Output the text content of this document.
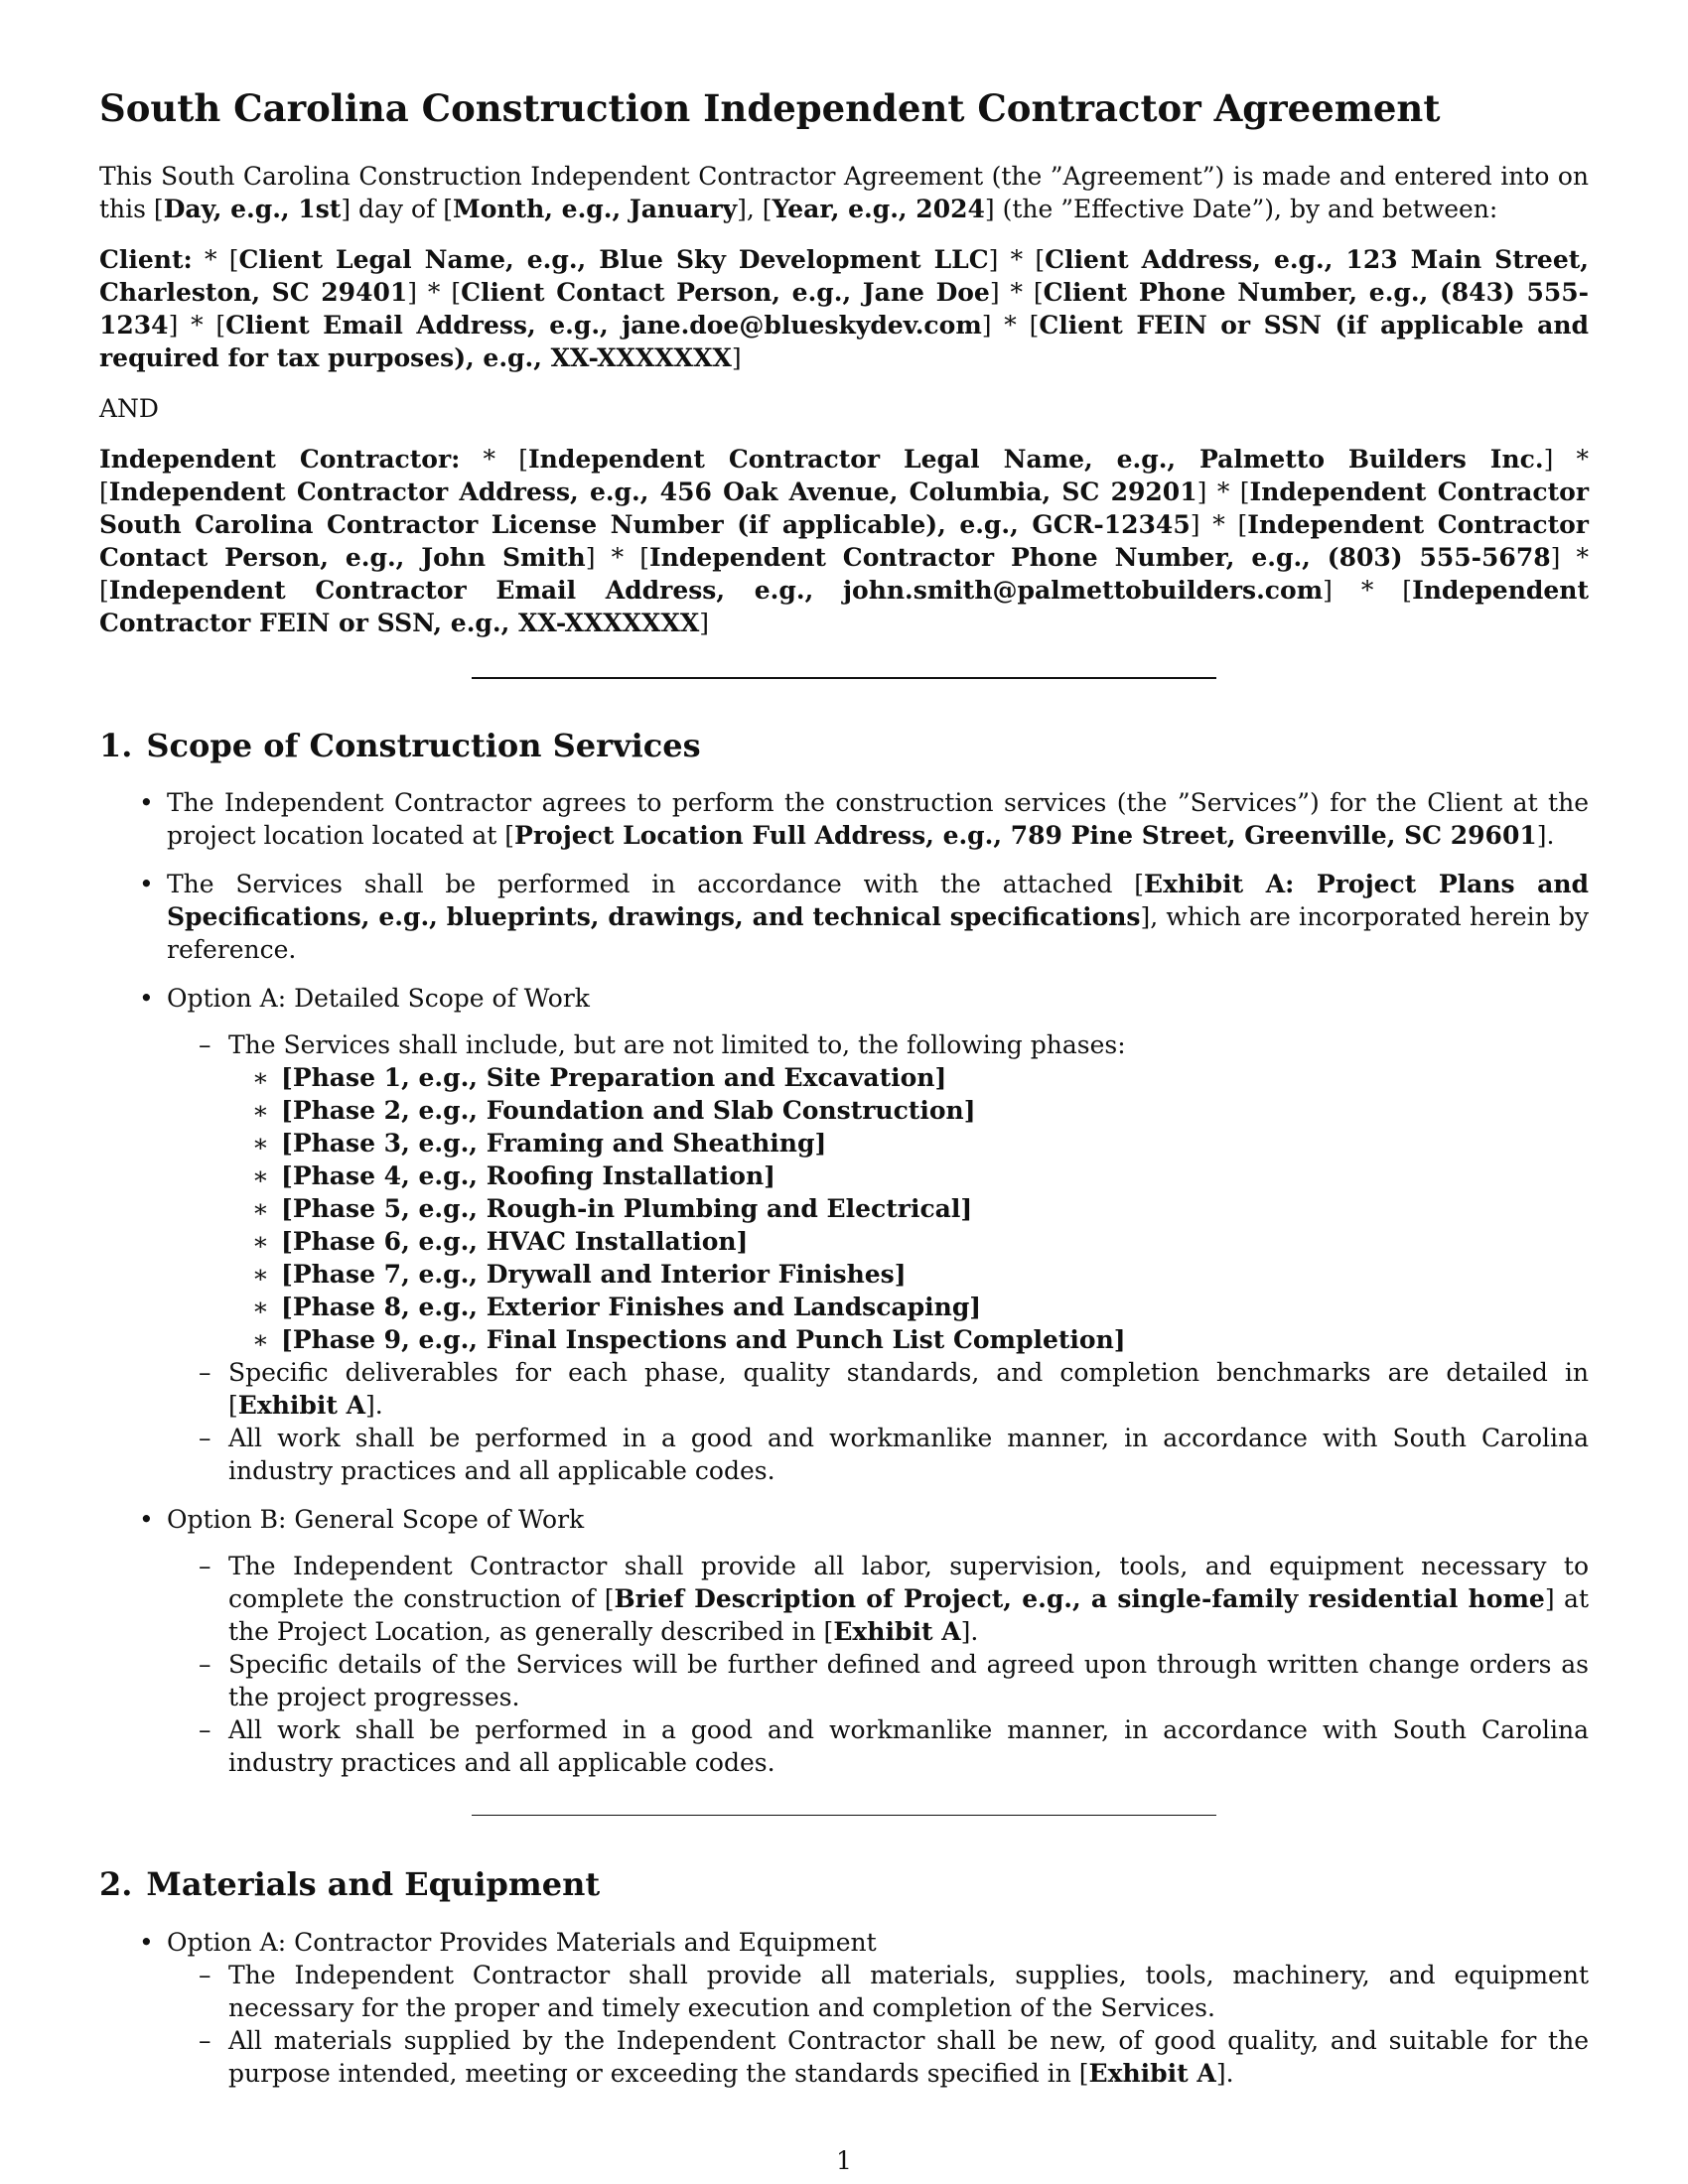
South Carolina Construction Independent Contractor Agreement

This South Carolina Construction Independent Contractor Agreement (the ”Agreement”) is made and entered into on this [Day, e.g., 1st] day of [Month, e.g., January], [Year, e.g., 2024] (the ”Effective Date”), by and between:

Client: * [Client Legal Name, e.g., Blue Sky Development LLC] * [Client Address, e.g., 123 Main Street, Charleston, SC 29401] * [Client Contact Person, e.g., Jane Doe] * [Client Phone Number, e.g., (843) 555-1234] * [Client Email Address, e.g., jane.doe@blueskydev.com] * [Client FEIN or SSN (if applicable and required for tax purposes), e.g., XX-XXXXXXX]

AND

Independent Contractor: * [Independent Contractor Legal Name, e.g., Palmetto Builders Inc.] * [Independent Contractor Address, e.g., 456 Oak Avenue, Columbia, SC 29201] * [Independent Contractor South Carolina Contractor License Number (if applicable), e.g., GCR-12345] * [Independent Contractor Contact Person, e.g., John Smith] * [Independent Contractor Phone Number, e.g., (803) 555-5678] * [Independent Contractor Email Address, e.g., john.smith@palmettobuilders.com] * [Independent Contractor FEIN or SSN, e.g., XX-XXXXXXX]

1. Scope of Construction Services
• The Independent Contractor agrees to perform the construction services (the ”Services”) for the Client at the project location located at [Project Location Full Address, e.g., 789 Pine Street, Greenville, SC 29601].
• The Services shall be performed in accordance with the attached [Exhibit A: Project Plans and Specifications, e.g., blueprints, drawings, and technical specifications], which are incorporated herein by reference.
• Option A: Detailed Scope of Work
– The Services shall include, but are not limited to, the following phases:
∗ [Phase 1, e.g., Site Preparation and Excavation]
∗ [Phase 2, e.g., Foundation and Slab Construction]
∗ [Phase 3, e.g., Framing and Sheathing]
∗ [Phase 4, e.g., Roofing Installation]
∗ [Phase 5, e.g., Rough-in Plumbing and Electrical]
∗ [Phase 6, e.g., HVAC Installation]
∗ [Phase 7, e.g., Drywall and Interior Finishes]
∗ [Phase 8, e.g., Exterior Finishes and Landscaping]
∗ [Phase 9, e.g., Final Inspections and Punch List Completion]
– Specific deliverables for each phase, quality standards, and completion benchmarks are detailed in [Exhibit A].
– All work shall be performed in a good and workmanlike manner, in accordance with South Carolina industry practices and all applicable codes.
• Option B: General Scope of Work
– The Independent Contractor shall provide all labor, supervision, tools, and equipment necessary to complete the construction of [Brief Description of Project, e.g., a single-family residential home] at the Project Location, as generally described in [Exhibit A].
– Specific details of the Services will be further defined and agreed upon through written change orders as the project progresses.
– All work shall be performed in a good and workmanlike manner, in accordance with South Carolina industry practices and all applicable codes.
2. Materials and Equipment
• Option A: Contractor Provides Materials and Equipment
– The Independent Contractor shall provide all materials, supplies, tools, machinery, and equipment necessary for the proper and timely execution and completion of the Services.
– All materials supplied by the Independent Contractor shall be new, of good quality, and suitable for the purpose intended, meeting or exceeding the standards specified in [Exhibit A].
1
